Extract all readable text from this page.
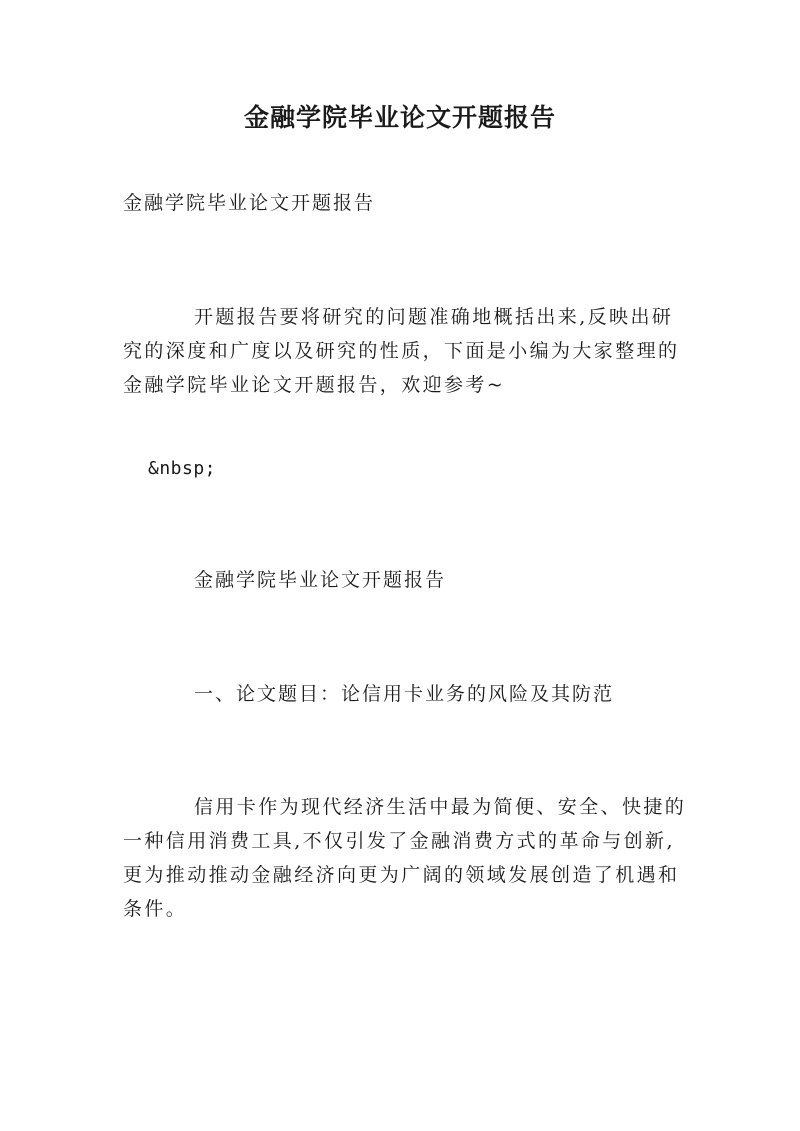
金融学院毕业论文开题报告

金融学院毕业论文开题报告

开题报告要将研究的问题准确地概括出来,反映出研究的深度和广度以及研究的性质，下面是小编为大家整理的金融学院毕业论文开题报告，欢迎参考~

&nbsp;

金融学院毕业论文开题报告

一、论文题目：论信用卡业务的风险及其防范

信用卡作为现代经济生活中最为简便、安全、快捷的一种信用消费工具,不仅引发了金融消费方式的革命与创新,更为推动推动金融经济向更为广阔的领域发展创造了机遇和条件。
